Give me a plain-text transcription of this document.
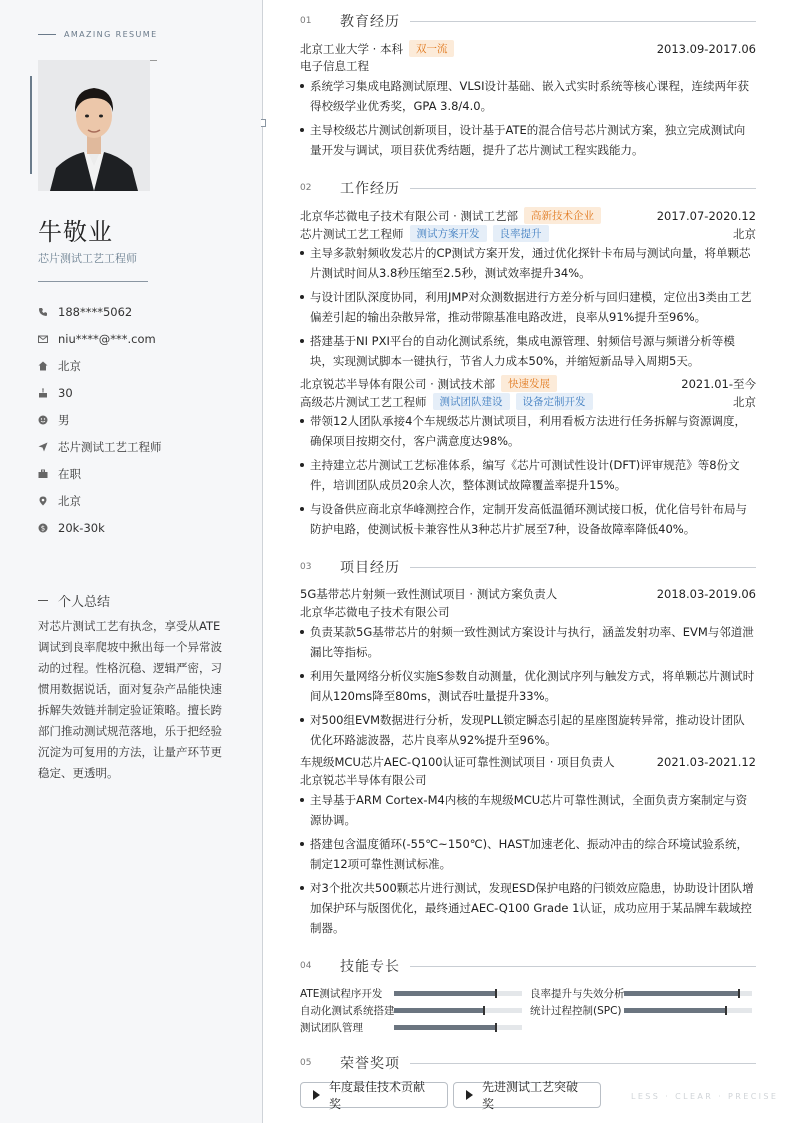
AMAZING RESUME
牛敬业
芯片测试工艺工程师
188****5062
niu****@***.com
北京
30
男
芯片测试工艺工程师
在职
北京
$ 20k-30k
个人总结
对芯片测试工艺有执念，享受从ATE调试到良率爬坡中揪出每一个异常波动的过程。性格沉稳、逻辑严密，习惯用数据说话，面对复杂产品能快速拆解失效链并制定验证策略。擅长跨部门推动测试规范落地，乐于把经验沉淀为可复用的方法，让量产环节更稳定、更透明。
01	教育经历
北京工业大学 · 本科	双一流	2013.09-2017.06
电子信息工程
系统学习集成电路测试原理、VLSI设计基础、嵌入式实时系统等核心课程，连续两年获得校级学业优秀奖，GPA 3.8/4.0。
主导校级芯片测试创新项目，设计基于ATE的混合信号芯片测试方案，独立完成测试向量开发与调试，项目获优秀结题，提升了芯片测试工程实践能力。
02	工作经历
北京华芯微电子技术有限公司 · 测试工艺部	高新技术企业	2017.07-2020.12
芯片测试工艺工程师	测试方案开发	良率提升	北京
主导多款射频收发芯片的CP测试方案开发，通过优化探针卡布局与测试向量，将单颗芯片测试时间从3.8秒压缩至2.5秒，测试效率提升34%。
与设计团队深度协同，利用JMP对众测数据进行方差分析与回归建模，定位出3类由工艺偏差引起的输出杂散异常，推动带隙基准电路改进，良率从91%提升至96%。
搭建基于NI PXI平台的自动化测试系统，集成电源管理、射频信号源与频谱分析等模块，实现测试脚本一键执行，节省人力成本50%，并缩短新品导入周期5天。
北京锐芯半导体有限公司 · 测试技术部	快速发展	2021.01-至今
高级芯片测试工艺工程师	测试团队建设	设备定制开发	北京
带领12人团队承接4个车规级芯片测试项目，利用看板方法进行任务拆解与资源调度，确保项目按期交付，客户满意度达98%。
主持建立芯片测试工艺标准体系，编写《芯片可测试性设计(DFT)评审规范》等8份文件，培训团队成员20余人次，整体测试故障覆盖率提升15%。
与设备供应商北京华峰测控合作，定制开发高低温循环测试接口板，优化信号针布局与防护电路，使测试板卡兼容性从3种芯片扩展至7种，设备故障率降低40%。
03	项目经历
5G基带芯片射频一致性测试项目 · 测试方案负责人	2018.03-2019.06
北京华芯微电子技术有限公司
负责某款5G基带芯片的射频一致性测试方案设计与执行，涵盖发射功率、EVM与邻道泄漏比等指标。
利用矢量网络分析仪实施S参数自动测量，优化测试序列与触发方式，将单颗芯片测试时间从120ms降至80ms，测试吞吐量提升33%。
对500组EVM数据进行分析，发现PLL锁定瞬态引起的星座图旋转异常，推动设计团队优化环路滤波器，芯片良率从92%提升至96%。
车规级MCU芯片AEC-Q100认证可靠性测试项目 · 项目负责人	2021.03-2021.12
北京锐芯半导体有限公司
主导基于ARM Cortex-M4内核的车规级MCU芯片可靠性测试，全面负责方案制定与资源协调。
搭建包含温度循环(-55℃~150℃)、HAST加速老化、振动冲击的综合环境试验系统，制定12项可靠性测试标准。
对3个批次共500颗芯片进行测试，发现ESD保护电路的闩锁效应隐患，协助设计团队增加保护环与版图优化，最终通过AEC-Q100 Grade 1认证，成功应用于某品牌车载域控制器。
04	技能专长
ATE测试程序开发	良率提升与失效分析
自动化测试系统搭建	统计过程控制(SPC)
测试团队管理
05	荣誉奖项
年度最佳技术贡献奖
先进测试工艺突破奖
LESS · CLEAR · PRECISE
